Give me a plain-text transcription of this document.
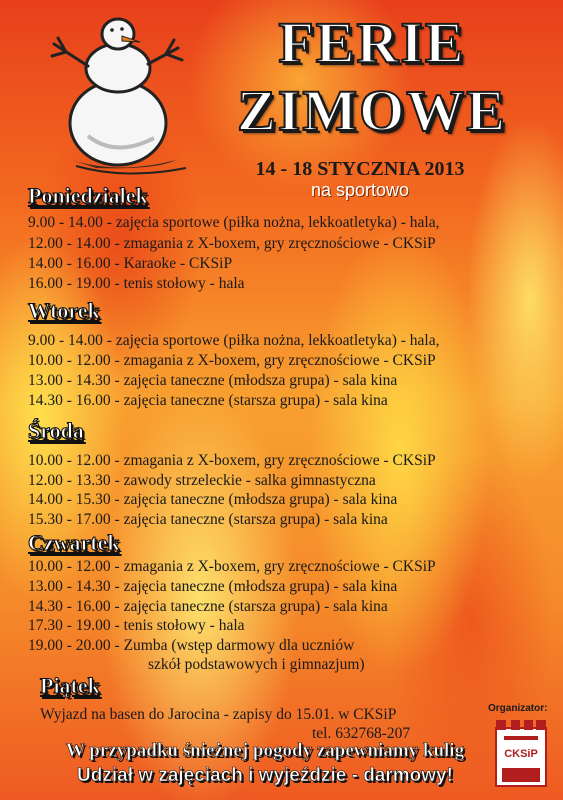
FERIE
ZIMOWE
14 - 18 STYCZNIA 2013
na sportowo
Poniedziałek
9.00 - 14.00 - zajęcia sportowe (piłka nożna, lekkoatletyka) - hala,
12.00 - 14.00 - zmagania z X-boxem, gry zręcznościowe - CKSiP
14.00 - 16.00 - Karaoke - CKSiP
16.00 - 19.00 - tenis stołowy - hala
Wtorek
9.00 - 14.00 - zajęcia sportowe (piłka nożna, lekkoatletyka) - hala,
10.00 - 12.00 - zmagania z X-boxem, gry zręcznościowe - CKSiP
13.00 - 14.30 - zajęcia taneczne (młodsza grupa) - sala kina
14.30 - 16.00 - zajęcia taneczne (starsza grupa) - sala kina
Środa
10.00 - 12.00 - zmagania z X-boxem, gry zręcznościowe - CKSiP
12.00 - 13.30 - zawody strzeleckie - salka gimnastyczna
14.00 - 15.30 - zajęcia taneczne (młodsza grupa) - sala kina
15.30 - 17.00 - zajęcia taneczne (starsza grupa) - sala kina
Czwartek
10.00 - 12.00 - zmagania z X-boxem, gry zręcznościowe - CKSiP
13.00 - 14.30 - zajęcia taneczne (młodsza grupa) - sala kina
14.30 - 16.00 - zajęcia taneczne (starsza grupa) - sala kina
17.30 - 19.00 - tenis stołowy - hala
19.00 - 20.00 - Zumba (wstęp darmowy dla uczniów
szkół podstawowych i gimnazjum)
Piątek
Wyjazd na basen do Jarocina - zapisy do 15.01. w CKSiP
tel. 632768-207
W przypadku śnieżnej pogody zapewniamy kulig
Udział w zajęciach i wyjeździe - darmowy!
Organizator:
CKSiP
